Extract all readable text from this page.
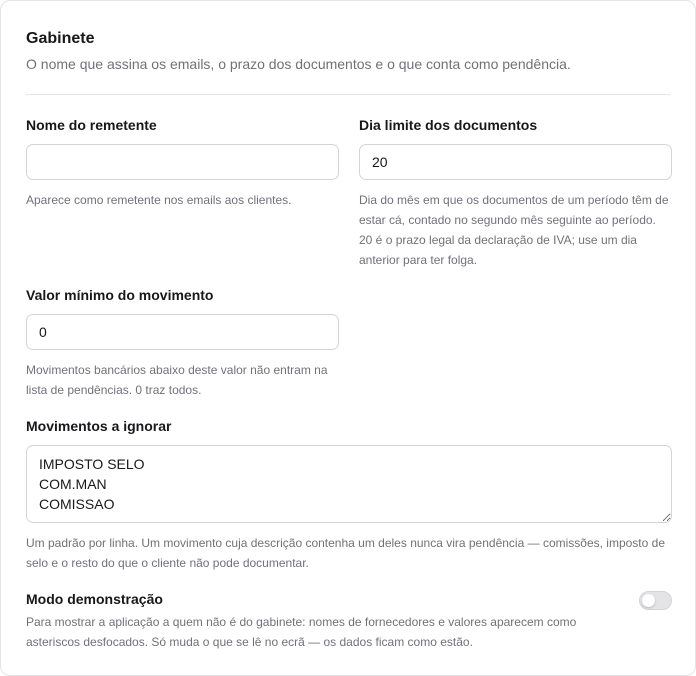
Gabinete
O nome que assina os emails, o prazo dos documentos e o que conta como pendência.
Nome do remetente
Aparece como remetente nos emails aos clientes.
Dia limite dos documentos
20
Dia do mês em que os documentos de um período têm de estar cá, contado no segundo mês seguinte ao período. 20 é o prazo legal da declaração de IVA; use um dia anterior para ter folga.
Valor mínimo do movimento
0
Movimentos bancários abaixo deste valor não entram na lista de pendências. 0 traz todos.
Movimentos a ignorar
IMPOSTO SELO COM.MAN COMISSAO
Um padrão por linha. Um movimento cuja descrição contenha um deles nunca vira pendência — comissões, imposto de selo e o resto do que o cliente não pode documentar.
Modo demonstração
Para mostrar a aplicação a quem não é do gabinete: nomes de fornecedores e valores aparecem como asteriscos desfocados. Só muda o que se lê no ecrã — os dados ficam como estão.
